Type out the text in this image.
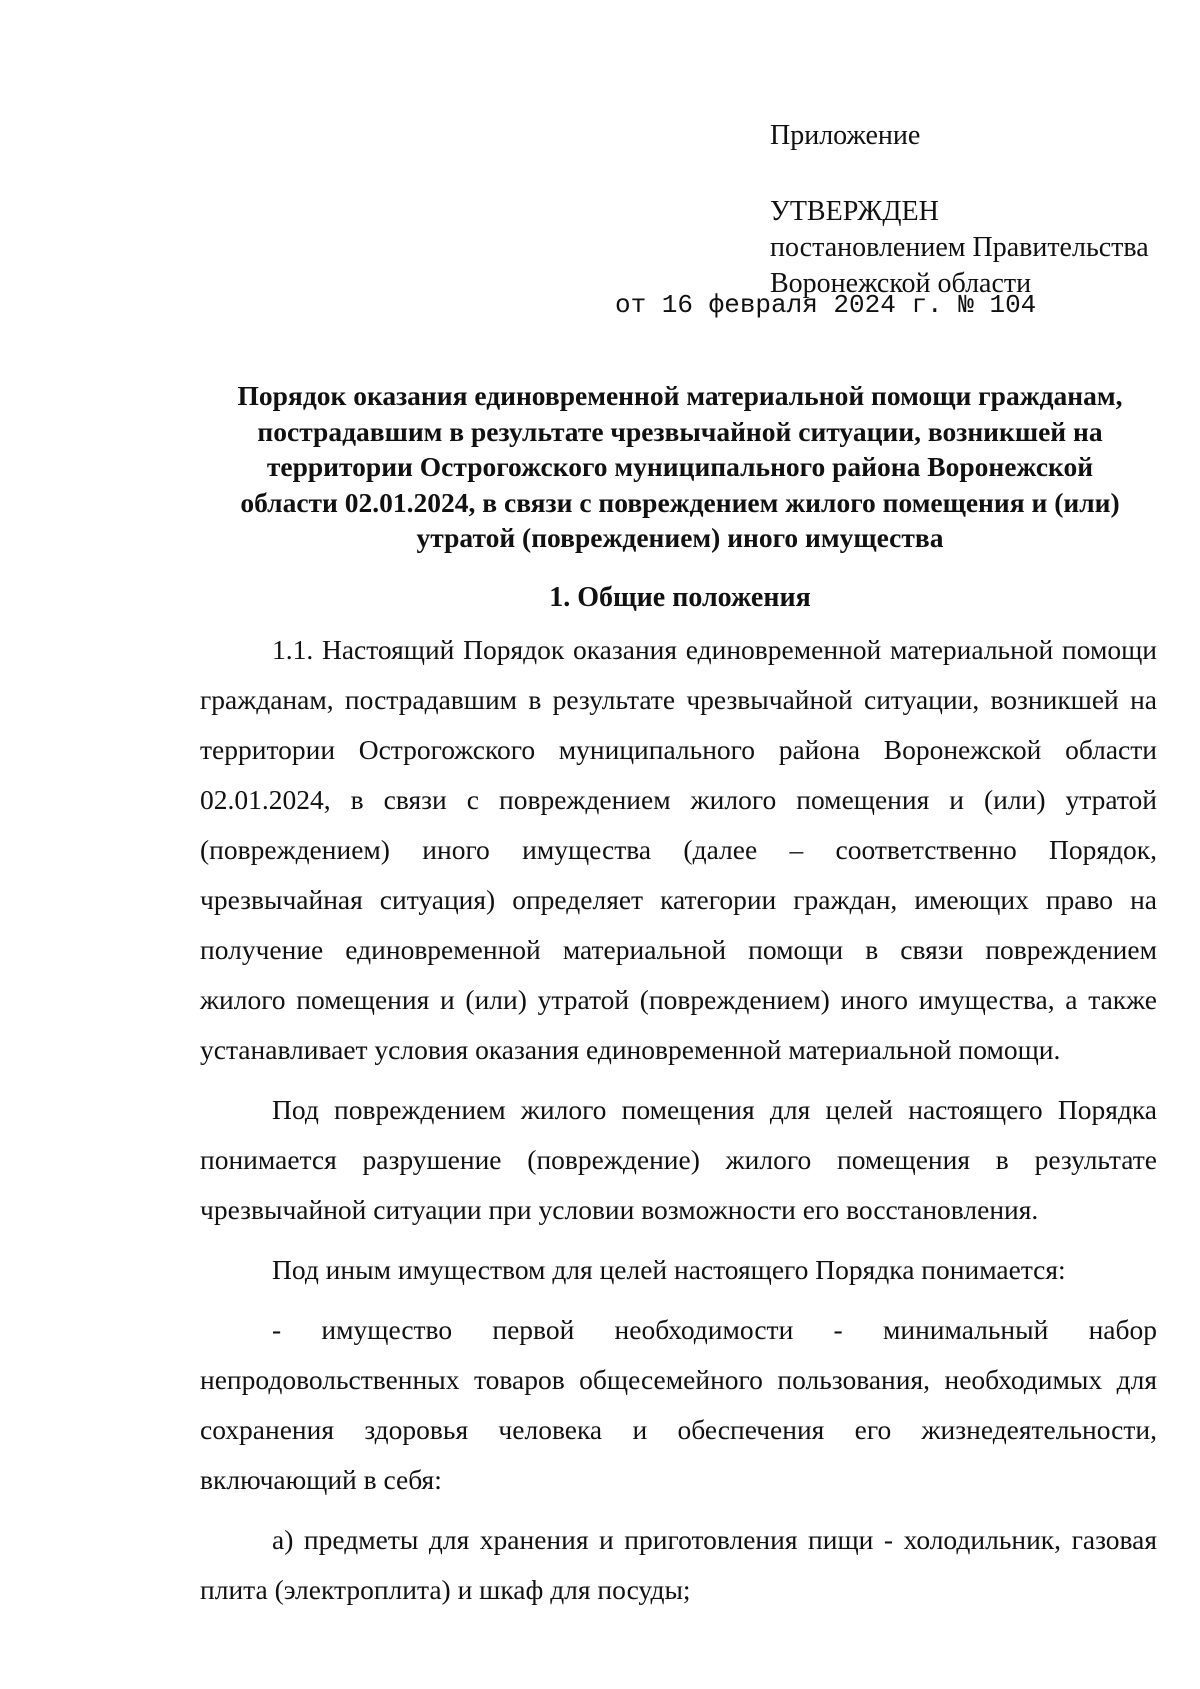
Приложение
УТВЕРЖДЕН
постановлением Правительства
Воронежской области
от 16 февраля 2024 г. № 104
Порядок оказания единовременной материальной помощи гражданам,
пострадавшим в результате чрезвычайной ситуации, возникшей на
территории Острогожского муниципального района Воронежской
области 02.01.2024, в связи с повреждением жилого помещения и (или)
утратой (повреждением) иного имущества
1. Общие положения

1.1. Настоящий Порядок оказания единовременной материальной помощи гражданам, пострадавшим в результате чрезвычайной ситуации, возникшей на территории Острогожского муниципального района Воронежской области 02.01.2024, в связи с повреждением жилого помещения и (или) утратой (повреждением) иного имущества (далее – соответственно Порядок, чрезвычайная ситуация) определяет категории граждан, имеющих право на получение единовременной материальной помощи в связи повреждением жилого помещения и (или) утратой (повреждением) иного имущества, а также устанавливает условия оказания единовременной материальной помощи.

Под повреждением жилого помещения для целей настоящего Порядка понимается разрушение (повреждение) жилого помещения в результате чрезвычайной ситуации при условии возможности его восстановления.

Под иным имуществом для целей настоящего Порядка понимается:

- имущество первой необходимости - минимальный набор непродовольственных товаров общесемейного пользования, необходимых для сохранения здоровья человека и обеспечения его жизнедеятельности, включающий в себя:

а) предметы для хранения и приготовления пищи - холодильник, газовая плита (электроплита) и шкаф для посуды;
